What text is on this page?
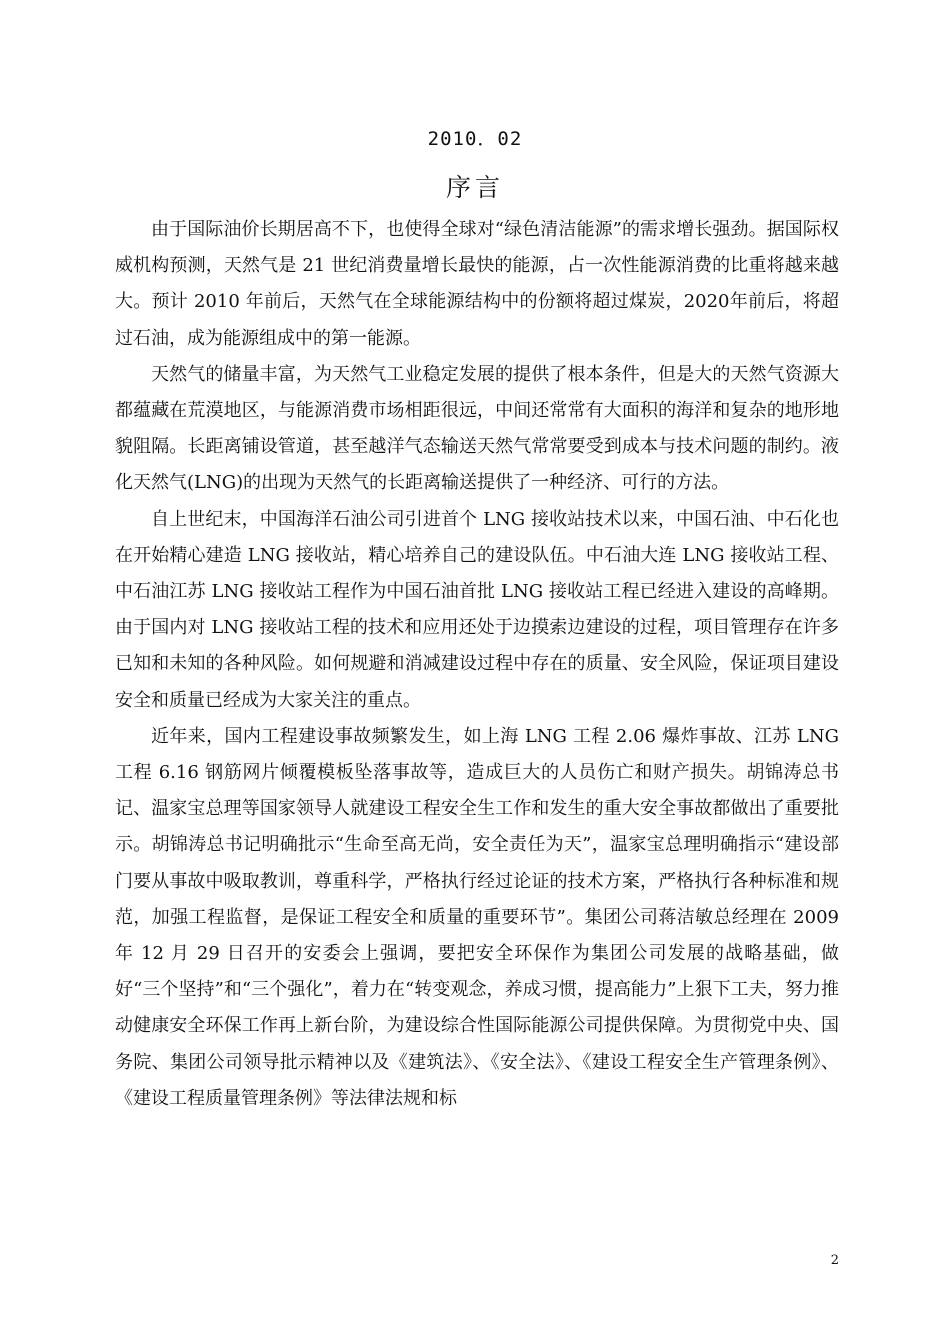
2010．02
序言

由于国际油价长期居高不下，也使得全球对“绿色清洁能源”的需求增长强劲。据国际权威机构预测，天然气是 21 世纪消费量增长最快的能源，占一次性能源消费的比重将越来越大。预计 2010 年前后，天然气在全球能源结构中的份额将超过煤炭，2020年前后，将超过石油，成为能源组成中的第一能源。

天然气的储量丰富，为天然气工业稳定发展的提供了根本条件，但是大的天然气资源大都蕴藏在荒漠地区，与能源消费市场相距很远，中间还常常有大面积的海洋和复杂的地形地貌阻隔。长距离铺设管道，甚至越洋气态输送天然气常常要受到成本与技术问题的制约。液化天然气(LNG)的出现为天然气的长距离输送提供了一种经济、可行的方法。

自上世纪末，中国海洋石油公司引进首个 LNG 接收站技术以来，中国石油、中石化也在开始精心建造 LNG 接收站，精心培养自己的建设队伍。中石油大连 LNG 接收站工程、中石油江苏 LNG 接收站工程作为中国石油首批 LNG 接收站工程已经进入建设的高峰期。由于国内对 LNG 接收站工程的技术和应用还处于边摸索边建设的过程，项目管理存在许多已知和未知的各种风险。如何规避和消减建设过程中存在的质量、安全风险，保证项目建设安全和质量已经成为大家关注的重点。

近年来，国内工程建设事故频繁发生，如上海 LNG 工程 2.06 爆炸事故、江苏 LNG 工程 6.16 钢筋网片倾覆模板坠落事故等，造成巨大的人员伤亡和财产损失。胡锦涛总书记、温家宝总理等国家领导人就建设工程安全生工作和发生的重大安全事故都做出了重要批示。胡锦涛总书记明确批示“生命至高无尚，安全责任为天”，温家宝总理明确指示“建设部门要从事故中吸取教训，尊重科学，严格执行经过论证的技术方案，严格执行各种标准和规范，加强工程监督，是保证工程安全和质量的重要环节”。集团公司蒋洁敏总经理在 2009 年 12 月 29 日召开的安委会上强调，要把安全环保作为集团公司发展的战略基础，做好“三个坚持”和“三个强化”，着力在“转变观念，养成习惯，提高能力”上狠下工夫，努力推动健康安全环保工作再上新台阶，为建设综合性国际能源公司提供保障。为贯彻党中央、国务院、集团公司领导批示精神以及《建筑法》、《安全法》、《建设工程安全生产管理条例》、《建设工程质量管理条例》等法律法规和标

2
